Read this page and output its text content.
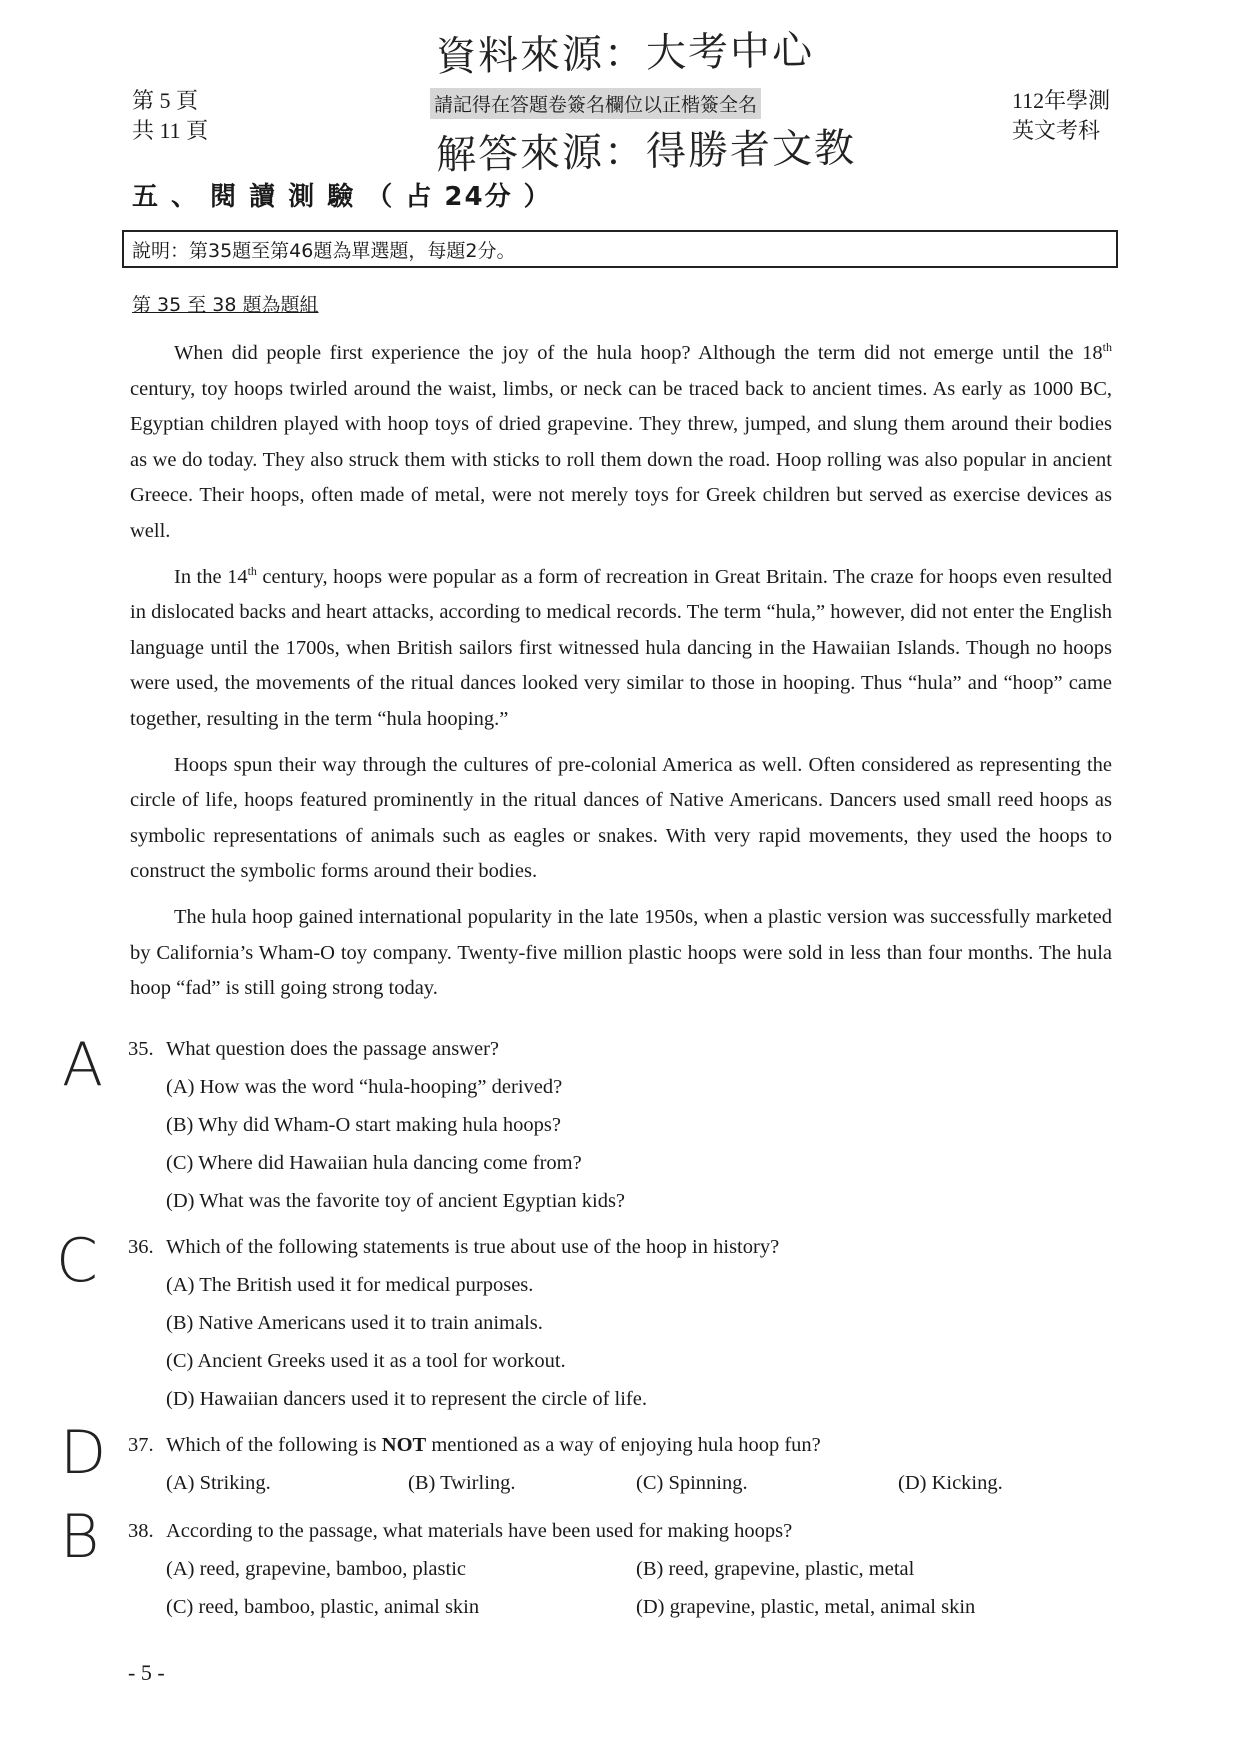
第 5 頁
共 11 頁
資料來源：大考中心
請記得在答題卷簽名欄位以正楷簽全名
解答來源：得勝者文教
112年學測
英文考科
五 、 閱 讀 測 驗 （ 占 24分 ）
說明：第35題至第46題為單選題，每題2分。
第 35 至 38 題為題組

When did people first experience the joy of the hula hoop? Although the term did not emerge until the 18th century, toy hoops twirled around the waist, limbs, or neck can be traced back to ancient times. As early as 1000 BC, Egyptian children played with hoop toys of dried grapevine. They threw, jumped, and slung them around their bodies as we do today. They also struck them with sticks to roll them down the road. Hoop rolling was also popular in ancient Greece. Their hoops, often made of metal, were not merely toys for Greek children but served as exercise devices as well.

In the 14th century, hoops were popular as a form of recreation in Great Britain. The craze for hoops even resulted in dislocated backs and heart attacks, according to medical records. The term “hula,” however, did not enter the English language until the 1700s, when British sailors first witnessed hula dancing in the Hawaiian Islands. Though no hoops were used, the movements of the ritual dances looked very similar to those in hooping. Thus “hula” and “hoop” came together, resulting in the term “hula hooping.”

Hoops spun their way through the cultures of pre-colonial America as well. Often considered as representing the circle of life, hoops featured prominently in the ritual dances of Native Americans. Dancers used small reed hoops as symbolic representations of animals such as eagles or snakes. With very rapid movements, they used the hoops to construct the symbolic forms around their bodies.

The hula hoop gained international popularity in the late 1950s, when a plastic version was successfully marketed by California’s Wham-O toy company. Twenty-five million plastic hoops were sold in less than four months. The hula hoop “fad” is still going strong today.

A
C
D
B
35. What question does the passage answer?
(A) How was the word “hula-hooping” derived?
(B) Why did Wham-O start making hula hoops?
(C) Where did Hawaiian hula dancing come from?
(D) What was the favorite toy of ancient Egyptian kids?
36. Which of the following statements is true about use of the hoop in history?
(A) The British used it for medical purposes.
(B) Native Americans used it to train animals.
(C) Ancient Greeks used it as a tool for workout.
(D) Hawaiian dancers used it to represent the circle of life.
37. Which of the following is NOT mentioned as a way of enjoying hula hoop fun?
(A) Striking.	(B) Twirling.	(C) Spinning.	(D) Kicking.
38. According to the passage, what materials have been used for making hoops?
(A) reed, grapevine, bamboo, plastic	(B) reed, grapevine, plastic, metal
(C) reed, bamboo, plastic, animal skin	(D) grapevine, plastic, metal, animal skin
- 5 -
